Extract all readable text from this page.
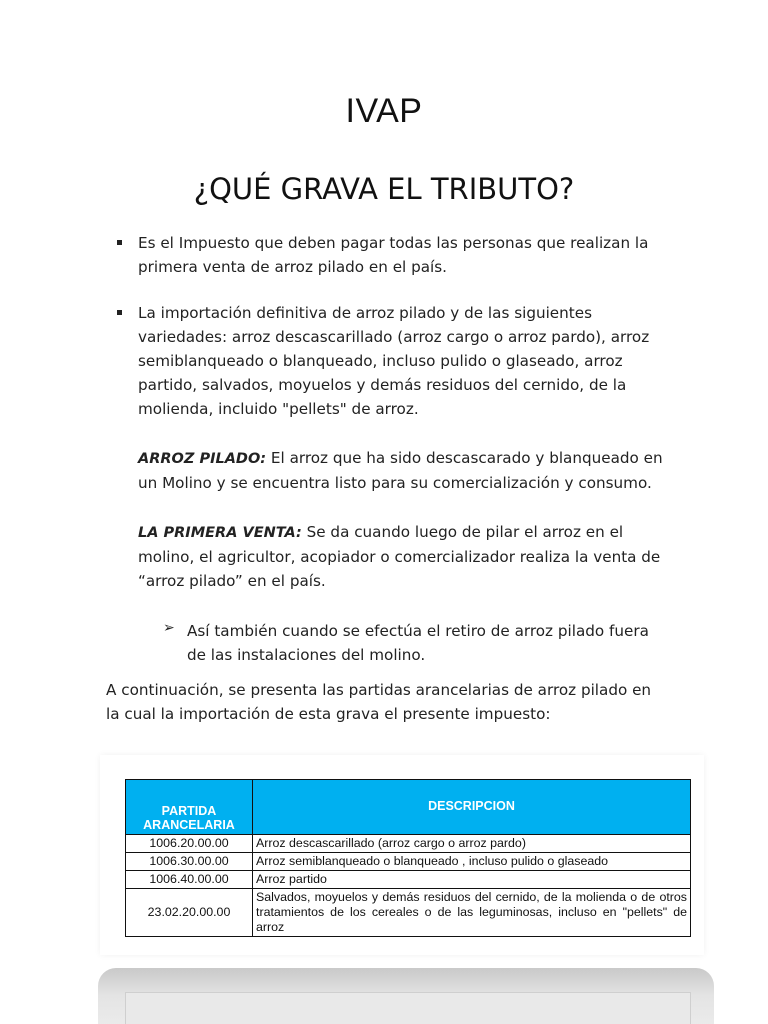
IVAP
¿QUÉ GRAVA EL TRIBUTO?
Es el Impuesto que deben pagar todas las personas que realizan la
primera venta de arroz pilado en el país.
La importación definitiva de arroz pilado y de las siguientes
variedades: arroz descascarillado (arroz cargo o arroz pardo), arroz
semiblanqueado o blanqueado, incluso pulido o glaseado, arroz
partido, salvados, moyuelos y demás residuos del cernido, de la
molienda, incluido "pellets" de arroz.
ARROZ PILADO: El arroz que ha sido descascarado y blanqueado en
un Molino y se encuentra listo para su comercialización y consumo.
LA PRIMERA VENTA: Se da cuando luego de pilar el arroz en el
molino, el agricultor, acopiador o comercializador realiza la venta de
“arroz pilado” en el país.
➢ Así también cuando se efectúa el retiro de arroz pilado fuera
de las instalaciones del molino.
A continuación, se presenta las partidas arancelarias de arroz pilado en
la cual la importación de esta grava el presente impuesto:
PARTIDA
ARANCELARIA	DESCRIPCION
1006.20.00.00	Arroz descascarillado (arroz cargo o arroz pardo)
1006.30.00.00	Arroz semiblanqueado o blanqueado , incluso pulido o glaseado
1006.40.00.00	Arroz partido
23.02.20.00.00	Salvados, moyuelos y demás residuos del cernido, de la molienda o de otros tratamientos de los cereales o de las leguminosas, incluso en "pellets" de arroz
